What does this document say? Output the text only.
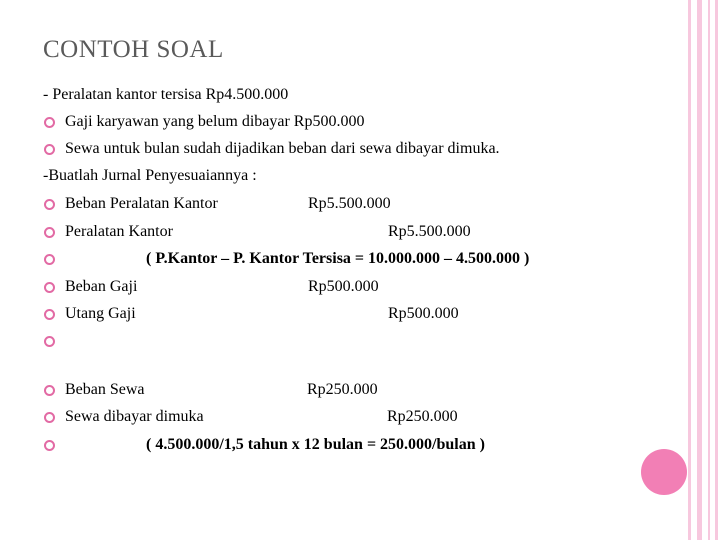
CONTOH SOAL
- Peralatan kantor tersisa Rp4.500.000
Gaji karyawan yang belum dibayar Rp500.000
Sewa untuk bulan sudah dijadikan beban dari sewa dibayar dimuka.
-Buatlah Jurnal Penyesuaiannya :
Beban Peralatan Kantor	Rp5.500.000
Peralatan Kantor	Rp5.500.000
( P.Kantor – P. Kantor Tersisa = 10.000.000 – 4.500.000 )
Beban Gaji	Rp500.000
Utang Gaji	Rp500.000
Beban Sewa	Rp250.000
Sewa dibayar dimuka	Rp250.000
( 4.500.000/1,5 tahun x 12 bulan = 250.000/bulan )
